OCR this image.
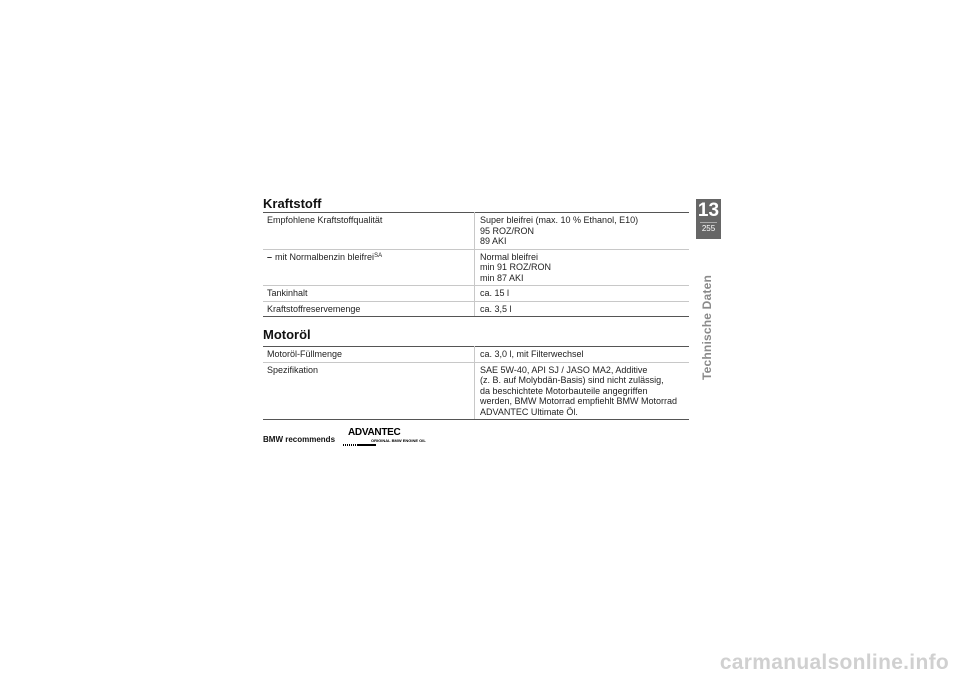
Kraftstoff
Empfohlene Kraftstoffqualität	Super bleifrei (max. 10 % Ethanol, E10)
95 ROZ/RON
89 AKI

– mit Normalbenzin bleifrei$^{SA}$	Normal bleifrei
min 91 ROZ/RON
min 87 AKI

Tankinhalt	ca. 15 l

Kraftstoffreservemenge	ca. 3,5 l
Motoröl
Motoröl-Füllmenge	ca. 3,0 l, mit Filterwechsel

Spezifikation	SAE 5W-40, API SJ / JASO MA2, Additive
(z. B. auf Molybdän-Basis) sind nicht zulässig,
da beschichtete Motorbauteile angegriffen
werden, BMW Motorrad empfiehlt BMW Motorrad
ADVANTEC Ultimate Öl.
BMW recommends
ADVANTEC
ORIGINAL BMW ENGINE OIL
13
255
Technische Daten
carmanualsonline.info
